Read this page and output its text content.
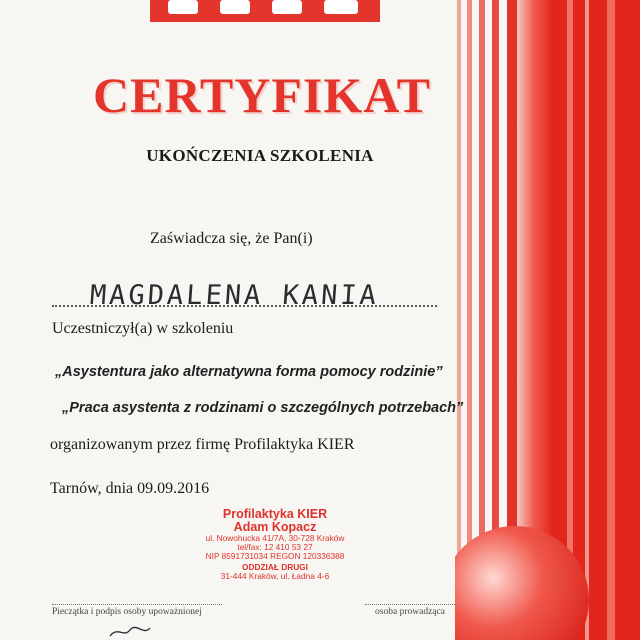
CERTYFIKAT
UKOŃCZENIA SZKOLENIA
Zaświadcza się, że Pan(i)
MAGDALENA KANIA
Uczestniczył(a) w szkoleniu
„Asystentura jako alternatywna forma pomocy rodzinie”
„Praca asystenta z rodzinami o szczególnych potrzebach”
organizowanym przez firmę Profilaktyka KIER
Tarnów, dnia 09.09.2016
Profilaktyka KIER
Adam Kopacz
ul. Nowohucka 41/7A, 30-728 Kraków
tel/fax: 12 410 53 27
NIP 8591731034 REGON 120336388
ODDZIAŁ DRUGI
31-444 Kraków, ul. Ładna 4-6
Pieczątka i podpis osoby upoważnionej	osoba prowadząca
